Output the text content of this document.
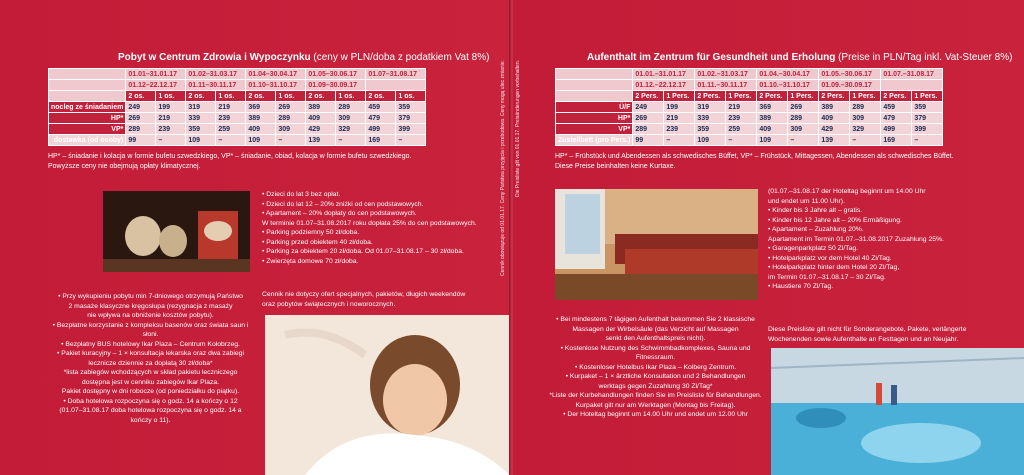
Pobyt w Centrum Zdrowia i Wypoczynku (ceny w PLN/doba z podatkiem Vat 8%)
	01.01–31.01.17		01.02–31.03.17		01.04–30.04.17		01.05–30.06.17		01.07–31.08.17	
	01.12–22.12.17		01.11–30.11.17		01.10–31.10.17		01.09–30.09.17			
	2 os.	1 os.	2 os.	1 os.	2 os.	1 os.	2 os.	1 os.	2 os.	1 os.
nocleg ze śniadaniem	249	199	319	219	369	269	389	289	459	359
HP*	269	219	339	239	389	289	409	309	479	379
VP*	289	239	359	259	409	309	429	329	499	399
dostawka (od osoby)	99	–	109	–	109	–	139	–	169	–

HP* – śniadanie i kolacja w formie bufetu szwedzkiego, VP* – śniadanie, obiad, kolacja w formie bufetu szwedzkiego.

Powyższe ceny nie obejmują opłaty klimatycznej.

• Dzieci do lat 3 bez opłat.

• Dzieci do lat 12 – 20% zniżki od cen podstawowych.

• Apartament – 20% dopłaty do cen podstawowych.

W terminie 01.07–31.08.2017 roku dopłata 25% do cen podstawowych.

• Parking podziemny 50 zł/doba.

• Parking przed obiektem 40 zł/doba.

• Parking za obiektem 20 zł/doba. Od 01.07–31.08.17 – 30 zł/doba.

• Zwierzęta domowe 70 zł/doba.

Cennik nie dotyczy ofert specjalnych, pakietów, długich weekendów

oraz pobytów świątecznych i noworocznych.

• Przy wykupieniu pobytu min 7-dniowego otrzymują Państwo

2 masaże klasyczne kręgosłupa (rezygnacja z masaży

nie wpływa na obniżenie kosztów pobytu).

• Bezpłatne korzystanie z kompleksu basenów oraz świata saun i słoni.

• Bezpłatny BUS hotelowy Ikar Plaza – Centrum Kołobrzeg.

• Pakiet kuracyjny – 1 × konsultacja lekarska oraz dwa zabiegi

lecznicze dziennie za dopłatą 30 zł/doba*

*lista zabiegów wchodzących w skład pakietu leczniczego

dostępna jest w cenniku zabiegów Ikar Plaza.

Pakiet dostępny w dni robocze (od poniedziałku do piątku).

• Doba hotelowa rozpoczyna się o godz. 14 a kończy o 12

(01.07–31.08.17 doba hotelowa rozpoczyna się o godz. 14 a kończy o 11).

Cennik obowiązuje od 01.01.17. Ceny Państwa przyjęcia i przebudowa. Ceny mogą ulec zmianie. Die Preisliste gilt von 01.01.17. Preisänderungen vorbehalten.
Aufenthalt im Zentrum für Gesundheit und Erholung (Preise in PLN/Tag inkl. Vat-Steuer 8%)
	01.01.–31.01.17		01.02.–31.03.17		01.04.–30.04.17		01.05.–30.06.17		01.07.–31.08.17	
	01.12.–22.12.17		01.11.–30.11.17		01.10.–31.10.17		01.09.–30.09.17			
	2 Pers.	1 Pers.	2 Pers.	1 Pers.	2 Pers.	1 Pers.	2 Pers.	1 Pers.	2 Pers.	1 Pers.
Ü/F	249	199	319	219	369	269	389	289	459	359
HP*	269	219	339	239	389	289	409	309	479	379
VP*	289	239	359	259	409	309	429	329	499	399
Zustellbett (pro Pers.)	99	–	109	–	109	–	139	–	169	–

HP* – Frühstück und Abendessen als schwedisches Büffet, VP* – Frühstück, Mittagessen, Abendessen als schwedisches Büffet.

Diese Preise beinhalten keine Kurtaxe.

(01.07.–31.08.17 der Hoteltag beginnt um 14.00 Uhr

und endet um 11.00 Uhr).

• Kinder bis 3 Jahre alt – gratis.

• Kinder bis 12 Jahre alt – 20% Ermäßigung.

• Apartament – Zuzahlung 20%.

Apartament im Termin 01.07.–31.08.2017 Zuzahlung 25%.

• Garagenparkplatz 50 Zl/Tag.

• Hotelparkplatz vor dem Hotel 40 Zl/Tag.

• Hotelparkplatz hinter dem Hotel 20 Zl/Tag,

im Termin 01.07.–31.08.17 – 30 Zl/Tag.

• Haustiere 70 Zl/Tag.

Diese Preisliste gilt nicht für Sonderangebote, Pakete, verlängerte

Wochenenden sowie Aufenthalte an Festtagen und an Neujahr.

• Bei mindestens 7 tägigen Aufenthalt bekommen Sie 2 klassische

Massagen der Wirbelsäule (das Verzicht auf Massagen

senkt den Aufenthaltspreis nicht).

• Kostenlose Nutzung des Schwimmbadkomplexes, Sauna und Fitnessraum.

• Kostenloser Hotelbus Ikar Plaza – Kolberg Zentrum.

• Kurpaket – 1 × ärztliche Konsultation und 2 Behandlungen

werktags gegen Zuzahlung 30 Zl/Tag*

*Liste der Kurbehandlungen finden Sie im Preisliste für Behandlungen.

Kurpaket gilt nur am Werktagen (Montag bis Freitag).

• Der Hoteltag beginnt um 14.00 Uhr und endet um 12.00 Uhr
